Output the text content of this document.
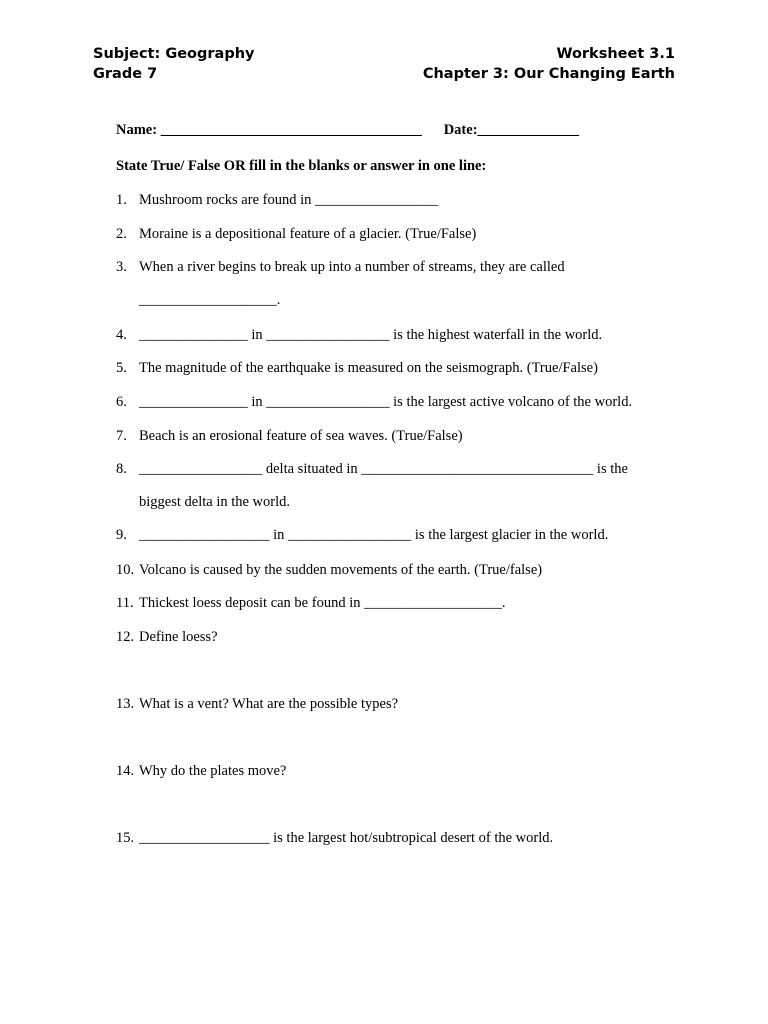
Subject: Geography	Worksheet 3.1
Grade 7	Chapter 3: Our Changing Earth
Name: ____________________________________ Date:______________
State True/ False OR fill in the blanks or answer in one line:
1. Mushroom rocks are found in _________________
2. Moraine is a depositional feature of a glacier. (True/False)
3. When a river begins to break up into a number of streams, they are called
___________________.
4. _______________ in _________________ is the highest waterfall in the world.
5. The magnitude of the earthquake is measured on the seismograph. (True/False)
6. _______________ in _________________ is the largest active volcano of the world.
7. Beach is an erosional feature of sea waves. (True/False)
8. _________________ delta situated in ________________________________ is the
biggest delta in the world.
9. __________________ in _________________ is the largest glacier in the world.
10. Volcano is caused by the sudden movements of the earth. (True/false)
11. Thickest loess deposit can be found in ___________________.
12. Define loess?
13. What is a vent? What are the possible types?
14. Why do the plates move?
15. __________________ is the largest hot/subtropical desert of the world.
